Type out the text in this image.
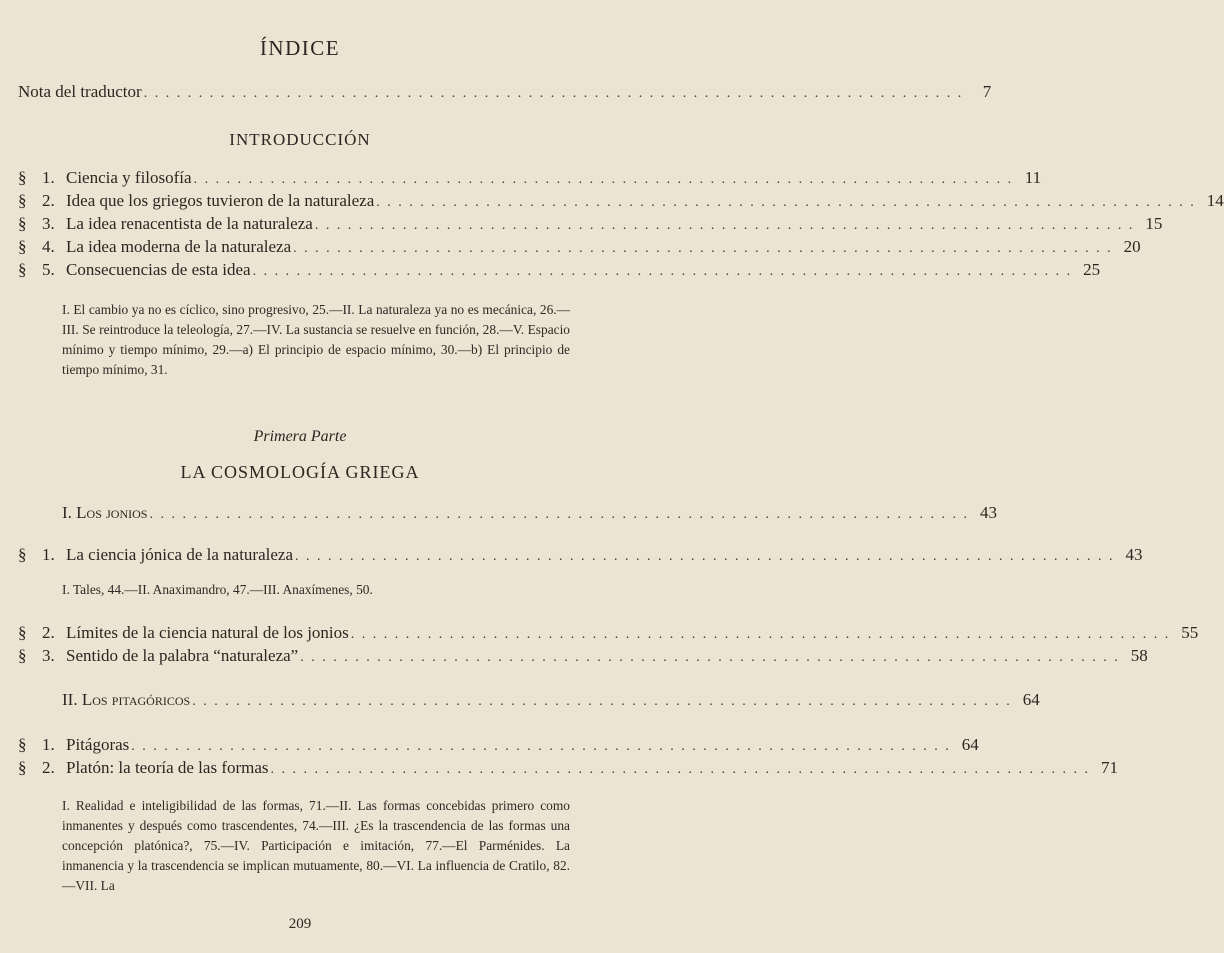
ÍNDICE
Nota del traductor . . . . . . . . . . . . . . . . . . . . . . . . . . . . . . . . . . . . . . . . . . . . . . . . . . . . . . . . . . . . . . . . . . . . . . . . . . .	7
INTRODUCCIÓN
§ 1. Ciencia y filosofía . . . . . . . . . . . . . . . . . . . . . . . . . . . . . . . . . . . . . . . . . . . . . . . . . . . . . . . . . . . . . . . . . . . . . . . . . . . 11
§ 2. Idea que los griegos tuvieron de la naturaleza . . . . . . . . . . . . . . . . . . . . . . . . . . . . . . . . . . . . . . . . . . . . . . . . . . . . . . . . . . . . . . . . . . . . . . . . . . . 14
§ 3. La idea renacentista de la naturaleza . . . . . . . . . . . . . . . . . . . . . . . . . . . . . . . . . . . . . . . . . . . . . . . . . . . . . . . . . . . . . . . . . . . . . . . . . . . 15
§ 4. La idea moderna de la naturaleza . . . . . . . . . . . . . . . . . . . . . . . . . . . . . . . . . . . . . . . . . . . . . . . . . . . . . . . . . . . . . . . . . . . . . . . . . . . 20
§ 5. Consecuencias de esta idea . . . . . . . . . . . . . . . . . . . . . . . . . . . . . . . . . . . . . . . . . . . . . . . . . . . . . . . . . . . . . . . . . . . . . . . . . . . 25
I. El cambio ya no es cíclico, sino progresivo, 25.—II. La naturaleza ya no es mecánica, 26.—III. Se reintroduce la teleología, 27.—IV. La sustancia se resuelve en función, 28.—V. Espacio mínimo y tiempo mínimo, 29.—a) El principio de espacio mínimo, 30.—b) El principio de tiempo mínimo, 31.
Primera Parte
LA COSMOLOGÍA GRIEGA
I. Los jonios . . . . . . . . . . . . . . . . . . . . . . . . . . . . . . . . . . . . . . . . . . . . . . . . . . . . . . . . . . . . . . . . . . . . . . . . . . . 43
§ 1. La ciencia jónica de la naturaleza . . . . . . . . . . . . . . . . . . . . . . . . . . . . . . . . . . . . . . . . . . . . . . . . . . . . . . . . . . . . . . . . . . . . . . . . . . . 43
I. Tales, 44.—II. Anaximandro, 47.—III. Anaxímenes, 50.
§ 2. Límites de la ciencia natural de los jonios . . . . . . . . . . . . . . . . . . . . . . . . . . . . . . . . . . . . . . . . . . . . . . . . . . . . . . . . . . . . . . . . . . . . . . . . . . . 55
§ 3. Sentido de la palabra “naturaleza” . . . . . . . . . . . . . . . . . . . . . . . . . . . . . . . . . . . . . . . . . . . . . . . . . . . . . . . . . . . . . . . . . . . . . . . . . . . 58
II. Los pitagóricos . . . . . . . . . . . . . . . . . . . . . . . . . . . . . . . . . . . . . . . . . . . . . . . . . . . . . . . . . . . . . . . . . . . . . . . . . . . 64
§ 1. Pitágoras . . . . . . . . . . . . . . . . . . . . . . . . . . . . . . . . . . . . . . . . . . . . . . . . . . . . . . . . . . . . . . . . . . . . . . . . . . . 64
§ 2. Platón: la teoría de las formas . . . . . . . . . . . . . . . . . . . . . . . . . . . . . . . . . . . . . . . . . . . . . . . . . . . . . . . . . . . . . . . . . . . . . . . . . . . 71
I. Realidad e inteligibilidad de las formas, 71.—II. Las formas concebidas primero como inmanentes y después como trascendentes, 74.—III. ¿Es la trascendencia de las formas una concepción platónica?, 75.—IV. Participación e imitación, 77.—El Parménides. La inmanencia y la trascendencia se implican mutuamente, 80.—VI. La influencia de Cratilo, 82.—VII. La
209
